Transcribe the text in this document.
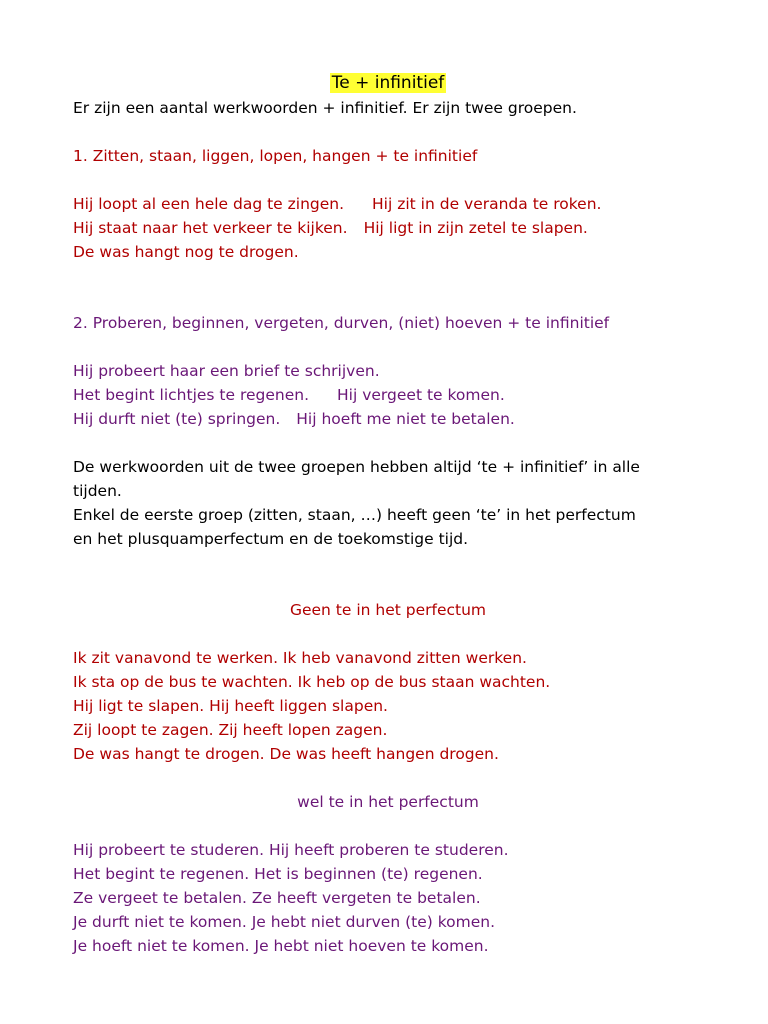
Te + infinitief

Er zijn een aantal werkwoorden + infinitief. Er zijn twee groepen.

1. Zitten, staan, liggen, lopen, hangen + te infinitief

Hij loopt al een hele dag te zingen. Hij zit in de veranda te roken.

Hij staat naar het verkeer te kijken. Hij ligt in zijn zetel te slapen.

De was hangt nog te drogen.

2. Proberen, beginnen, vergeten, durven, (niet) hoeven + te infinitief

Hij probeert haar een brief te schrijven.

Het begint lichtjes te regenen. Hij vergeet te komen.

Hij durft niet (te) springen. Hij hoeft me niet te betalen.

De werkwoorden uit de twee groepen hebben altijd ‘te + infinitief’ in alle

tijden.

Enkel de eerste groep (zitten, staan, …) heeft geen ‘te’ in het perfectum

en het plusquamperfectum en de toekomstige tijd.

Geen te in het perfectum

Ik zit vanavond te werken. Ik heb vanavond zitten werken.

Ik sta op de bus te wachten. Ik heb op de bus staan wachten.

Hij ligt te slapen. Hij heeft liggen slapen.

Zij loopt te zagen. Zij heeft lopen zagen.

De was hangt te drogen. De was heeft hangen drogen.

wel te in het perfectum

Hij probeert te studeren. Hij heeft proberen te studeren.

Het begint te regenen. Het is beginnen (te) regenen.

Ze vergeet te betalen. Ze heeft vergeten te betalen.

Je durft niet te komen. Je hebt niet durven (te) komen.

Je hoeft niet te komen. Je hebt niet hoeven te komen.
